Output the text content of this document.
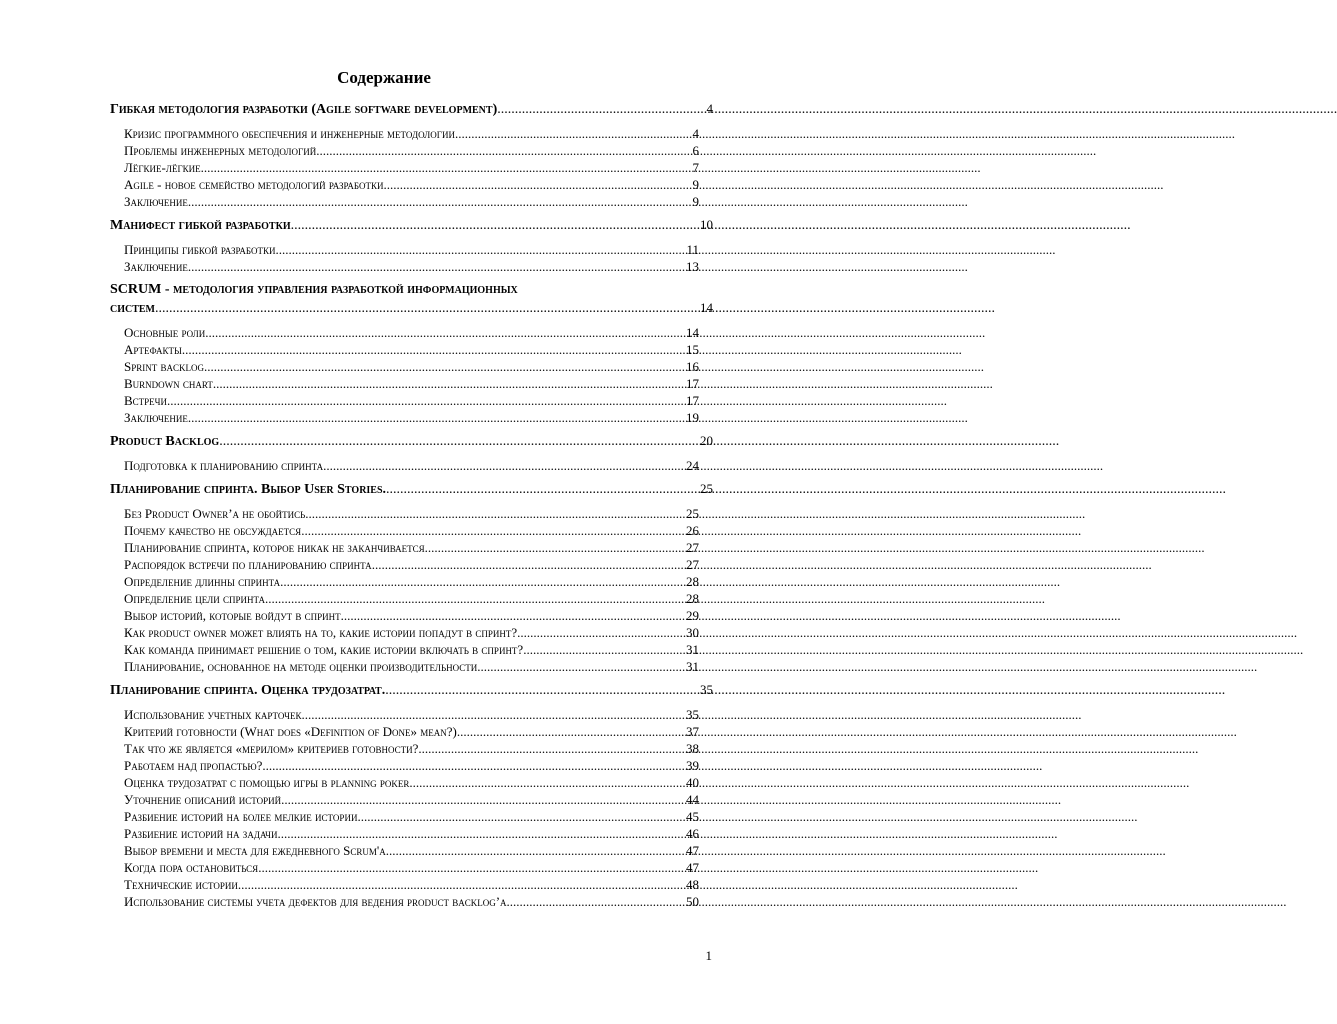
Содержание
Гибкая методология разработки (Agile software development) .....	4
Кризис программного обеспечения и инженерные методологии .....	4
Проблемы инженерных методологий .....	6
Лёгкие-лёгкие .....	7
Agile - новое семейство методологий разработки .....	9
Заключение .....	9
Манифест гибкой разработки .....	10
Принципы гибкой разработки .....	11
Заключение .....	13
SCRUM - методология управления разработкой информационных
систем .....	14
Основные роли .....	14
Артефакты .....	15
Sprint backlog .....	16
Burndown chart .....	17
Встречи .....	17
Заключение .....	19
Product Backlog .....	20
Подготовка к планированию спринта .....	24
Планирование спринта. Выбор User Stories. .....	25
Без Product Owner’а не обойтись .....	25
Почему качество не обсуждается .....	26
Планирование спринта, которое никак не заканчивается .....	27
Распорядок встречи по планированию спринта .....	27
Определение длинны спринта .....	28
Определение цели спринта .....	28
Выбор историй, которые войдут в спринт .....	29
Как product owner может влиять на то, какие истории попадут в спринт? .....	30
Как команда принимает решение о том, какие истории включать в спринт? .....	31
Планирование, основанное на методе оценки производительности .....	31
Планирование спринта. Оценка трудозатрат. .....	35
Использование учетных карточек .....	35
Критерий готовности (What does «Definition of Done» mean?) .....	37
Так что же является «мерилом» критериев готовности? .....	38
Работаем над пропастью? .....	39
Оценка трудозатрат с помощью игры в planning poker .....	40
Уточнение описаний историй .....	44
Разбиение историй на более мелкие истории .....	45
Разбиение историй на задачи .....	46
Выбор времени и места для ежедневного Scrum'а .....	47
Когда пора остановиться .....	47
Технические истории .....	48
Использование системы учета дефектов для ведения product backlog’а .....	50
1
